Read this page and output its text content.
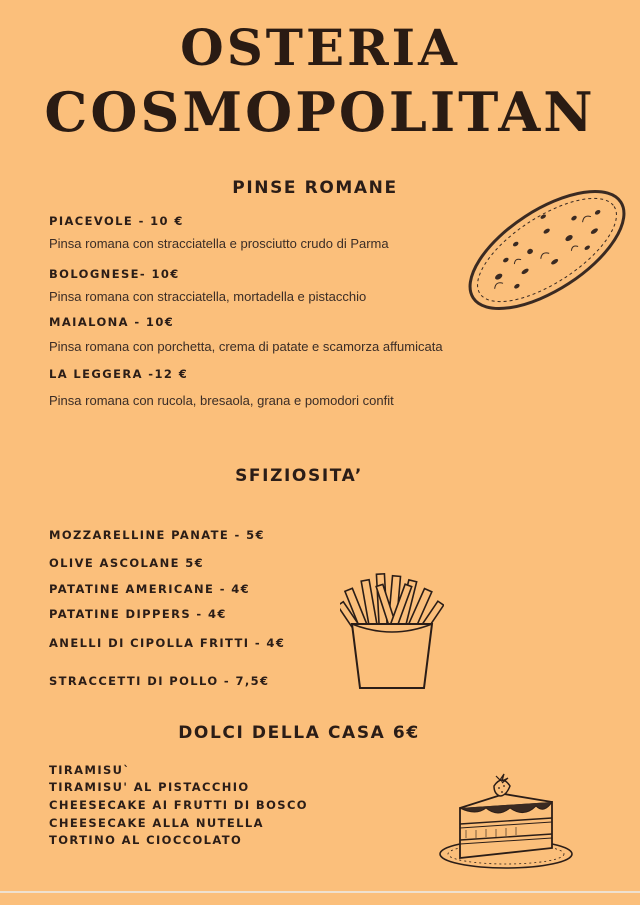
OSTERIA
COSMOPOLITAN
PINSE ROMANE
PIACEVOLE - 10 €
Pinsa romana con stracciatella e prosciutto crudo di Parma
BOLOGNESE- 10€
Pinsa romana con stracciatella, mortadella e pistacchio
MAIALONA - 10€
Pinsa romana con porchetta, crema di patate e scamorza affumicata
LA LEGGERA -12 €
Pinsa romana con rucola, bresaola, grana e pomodori confit
SFIZIOSITA’
MOZZARELLINE PANATE - 5€
OLIVE ASCOLANE 5€
PATATINE AMERICANE - 4€
PATATINE DIPPERS - 4€
ANELLI DI CIPOLLA FRITTI - 4€
STRACCETTI DI POLLO - 7,5€
DOLCI DELLA CASA 6€
TIRAMISU`
TIRAMISU' AL PISTACCHIO
CHEESECAKE AI FRUTTI DI BOSCO
CHEESECAKE ALLA NUTELLA
TORTINO AL CIOCCOLATO
